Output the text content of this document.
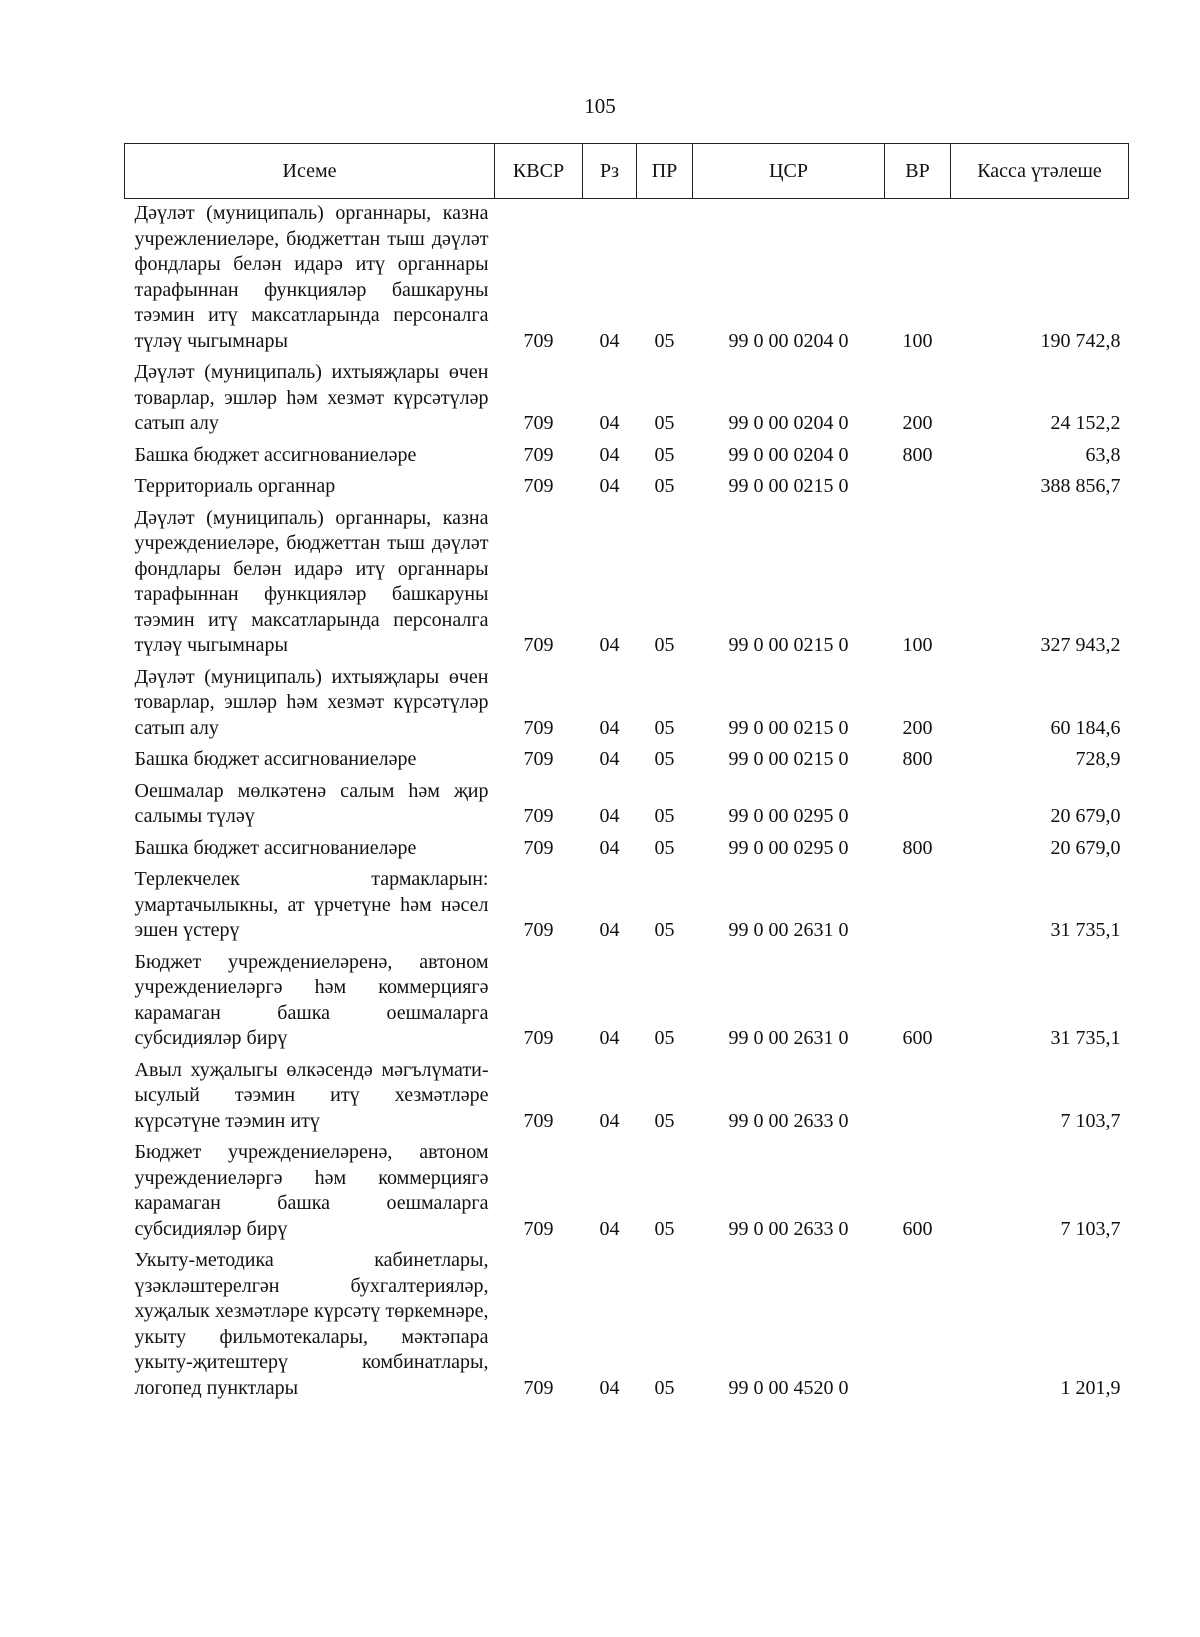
105
Исеме	КВСР	Рз	ПР	ЦСР	ВР	Касса үтәлеше
Дәүләт (муниципаль) органнары, казна учрежлениеләре, бюджеттан тыш дәүләт фондлары белән идарә итү органнары тарафыннан функцияләр башкаруны тәэмин итү максатларында персоналга түләү чыгымнары	709	04	05	99 0 00 0204 0	100	190 742,8
Дәүләт (муниципаль) ихтыяҗлары өчен товарлар, эшләр һәм хезмәт күрсәтүләр сатып алу	709	04	05	99 0 00 0204 0	200	24 152,2
Башка бюджет ассигнованиеләре	709	04	05	99 0 00 0204 0	800	63,8
Территориаль органнар	709	04	05	99 0 00 0215 0		388 856,7
Дәүләт (муниципаль) органнары, казна учреждениеләре, бюджеттан тыш дәүләт фондлары белән идарә итү органнары тарафыннан функцияләр башкаруны тәэмин итү максатларында персоналга түләү чыгымнары	709	04	05	99 0 00 0215 0	100	327 943,2
Дәүләт (муниципаль) ихтыяҗлары өчен товарлар, эшләр һәм хезмәт күрсәтүләр сатып алу	709	04	05	99 0 00 0215 0	200	60 184,6
Башка бюджет ассигнованиеләре	709	04	05	99 0 00 0215 0	800	728,9
Оешмалар мөлкәтенә салым һәм җир салымы түләү	709	04	05	99 0 00 0295 0		20 679,0
Башка бюджет ассигнованиеләре	709	04	05	99 0 00 0295 0	800	20 679,0
Терлекчелек тармакларын: умартачылыкны, ат үрчетүне һәм нәсел эшен үстерү	709	04	05	99 0 00 2631 0		31 735,1
Бюджет учреждениеләренә, автоном учреждениеләргә һәм коммерциягә карамаган башка оешмаларга субсидияләр бирү	709	04	05	99 0 00 2631 0	600	31 735,1
Авыл хуҗалыгы өлкәсендә мәгълүмати-ысулый тәэмин итү хезмәтләре күрсәтүне тәэмин итү	709	04	05	99 0 00 2633 0		7 103,7
Бюджет учреждениеләренә, автоном учреждениеләргә һәм коммерциягә карамаган башка оешмаларга субсидияләр бирү	709	04	05	99 0 00 2633 0	600	7 103,7
Укыту-методика кабинетлары, үзәкләштерелгән бухгалтерияләр, хуҗалык хезмәтләре күрсәтү төркемнәре, укыту фильмотекалары, мәктәпара укыту-җитештерү комбинатлары, логопед пунктлары	709	04	05	99 0 00 4520 0		1 201,9
